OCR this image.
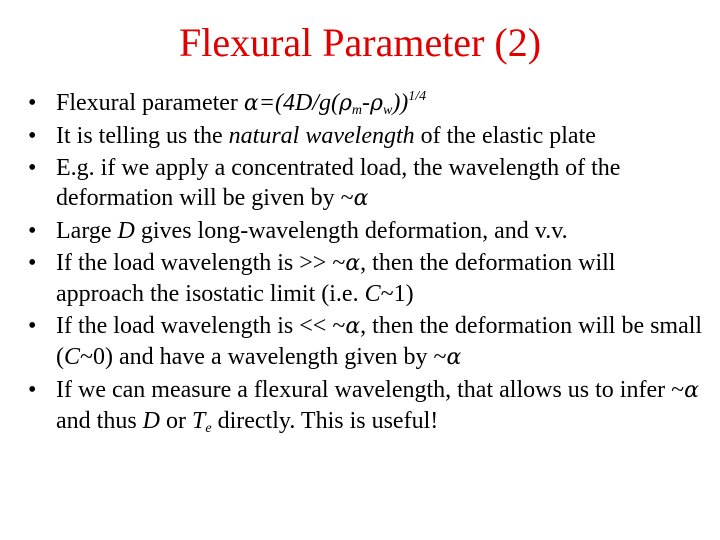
Flexural Parameter (2)
• Flexural parameter $\alpha=(4D/g(\rho_m-\rho_w))^{1/4}$
• It is telling us the natural wavelength of the elastic plate
• E.g. if we apply a concentrated load, the wavelength of the deformation will be given by ~α
• Large D gives long-wavelength deformation, and v.v.
• If the load wavelength is >> ~α, then the deformation will approach the isostatic limit (i.e. C~1)
• If the load wavelength is << ~α, then the deformation will be small (C~0) and have a wavelength given by ~α
• If we can measure a flexural wavelength, that allows us to infer ~α and thus D or $T_e$ directly. This is useful!
